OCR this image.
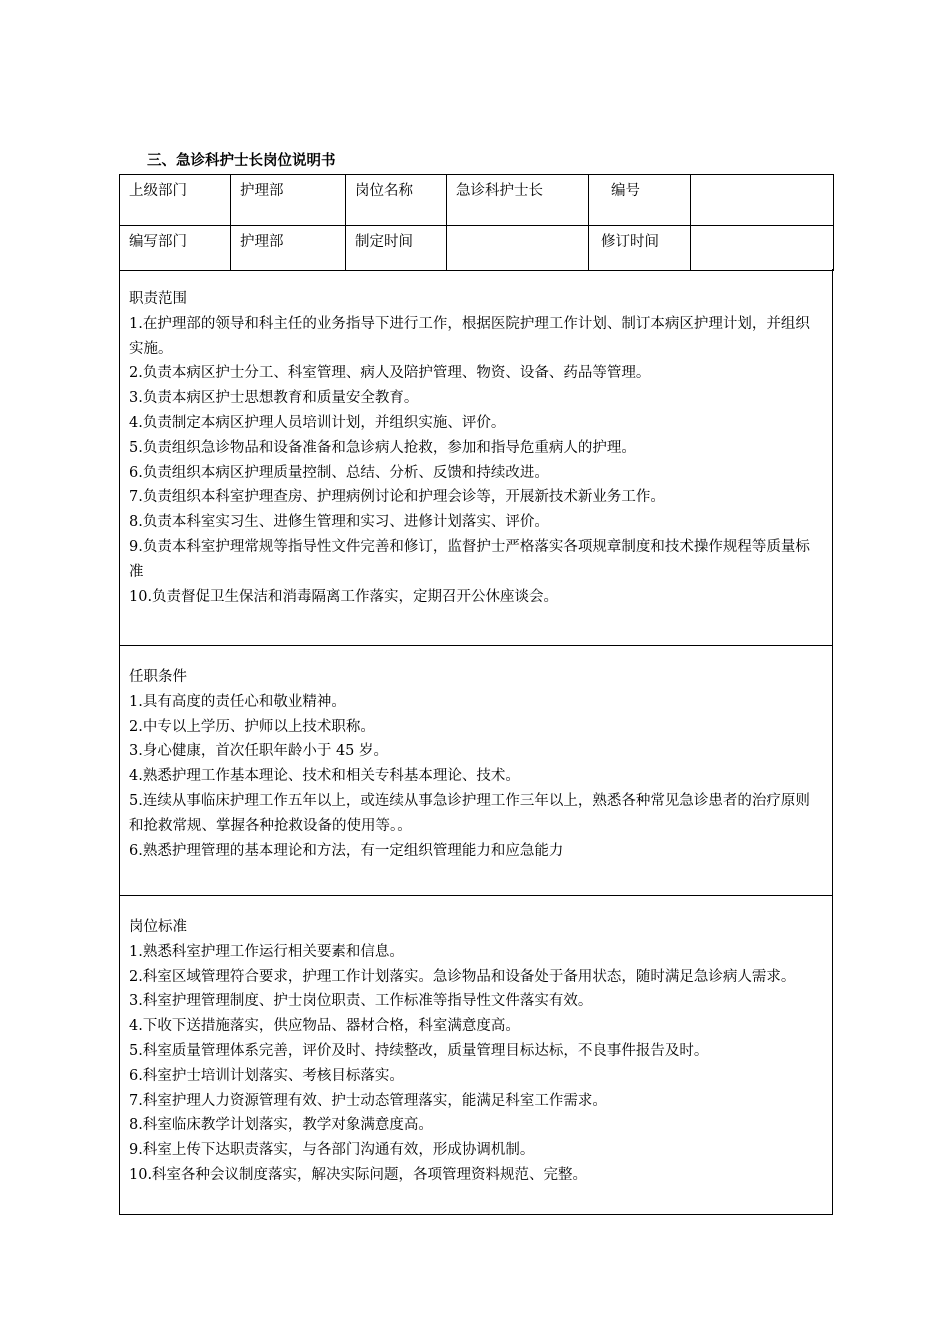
三、急诊科护士长岗位说明书
上级部门	护理部	岗位名称	急诊科护士长	编号	
编写部门	护理部	制定时间		修订时间	
职责范围
1.在护理部的领导和科主任的业务指导下进行工作，根据医院护理工作计划、制订本病区护理计划，并组织实施。
2.负责本病区护士分工、科室管理、病人及陪护管理、物资、设备、药品等管理。
3.负责本病区护士思想教育和质量安全教育。
4.负责制定本病区护理人员培训计划，并组织实施、评价。
5.负责组织急诊物品和设备准备和急诊病人抢救，参加和指导危重病人的护理。
6.负责组织本病区护理质量控制、总结、分析、反馈和持续改进。
7.负责组织本科室护理查房、护理病例讨论和护理会诊等，开展新技术新业务工作。
8.负责本科室实习生、进修生管理和实习、进修计划落实、评价。
9.负责本科室护理常规等指导性文件完善和修订，监督护士严格落实各项规章制度和技术操作规程等质量标准
10.负责督促卫生保洁和消毒隔离工作落实，定期召开公休座谈会。
任职条件
1.具有高度的责任心和敬业精神。
2.中专以上学历、护师以上技术职称。
3.身心健康，首次任职年龄小于 45 岁。
4.熟悉护理工作基本理论、技术和相关专科基本理论、技术。
5.连续从事临床护理工作五年以上，或连续从事急诊护理工作三年以上，熟悉各种常见急诊患者的治疗原则和抢救常规、掌握各种抢救设备的使用等。。
6.熟悉护理管理的基本理论和方法，有一定组织管理能力和应急能力
岗位标准
1.熟悉科室护理工作运行相关要素和信息。
2.科室区域管理符合要求，护理工作计划落实。急诊物品和设备处于备用状态，随时满足急诊病人需求。
3.科室护理管理制度、护士岗位职责、工作标准等指导性文件落实有效。
4.下收下送措施落实，供应物品、器材合格，科室满意度高。
5.科室质量管理体系完善，评价及时、持续整改，质量管理目标达标，不良事件报告及时。
6.科室护士培训计划落实、考核目标落实。
7.科室护理人力资源管理有效、护士动态管理落实，能满足科室工作需求。
8.科室临床教学计划落实，教学对象满意度高。
9.科室上传下达职责落实，与各部门沟通有效，形成协调机制。
10.科室各种会议制度落实，解决实际问题，各项管理资料规范、完整。
